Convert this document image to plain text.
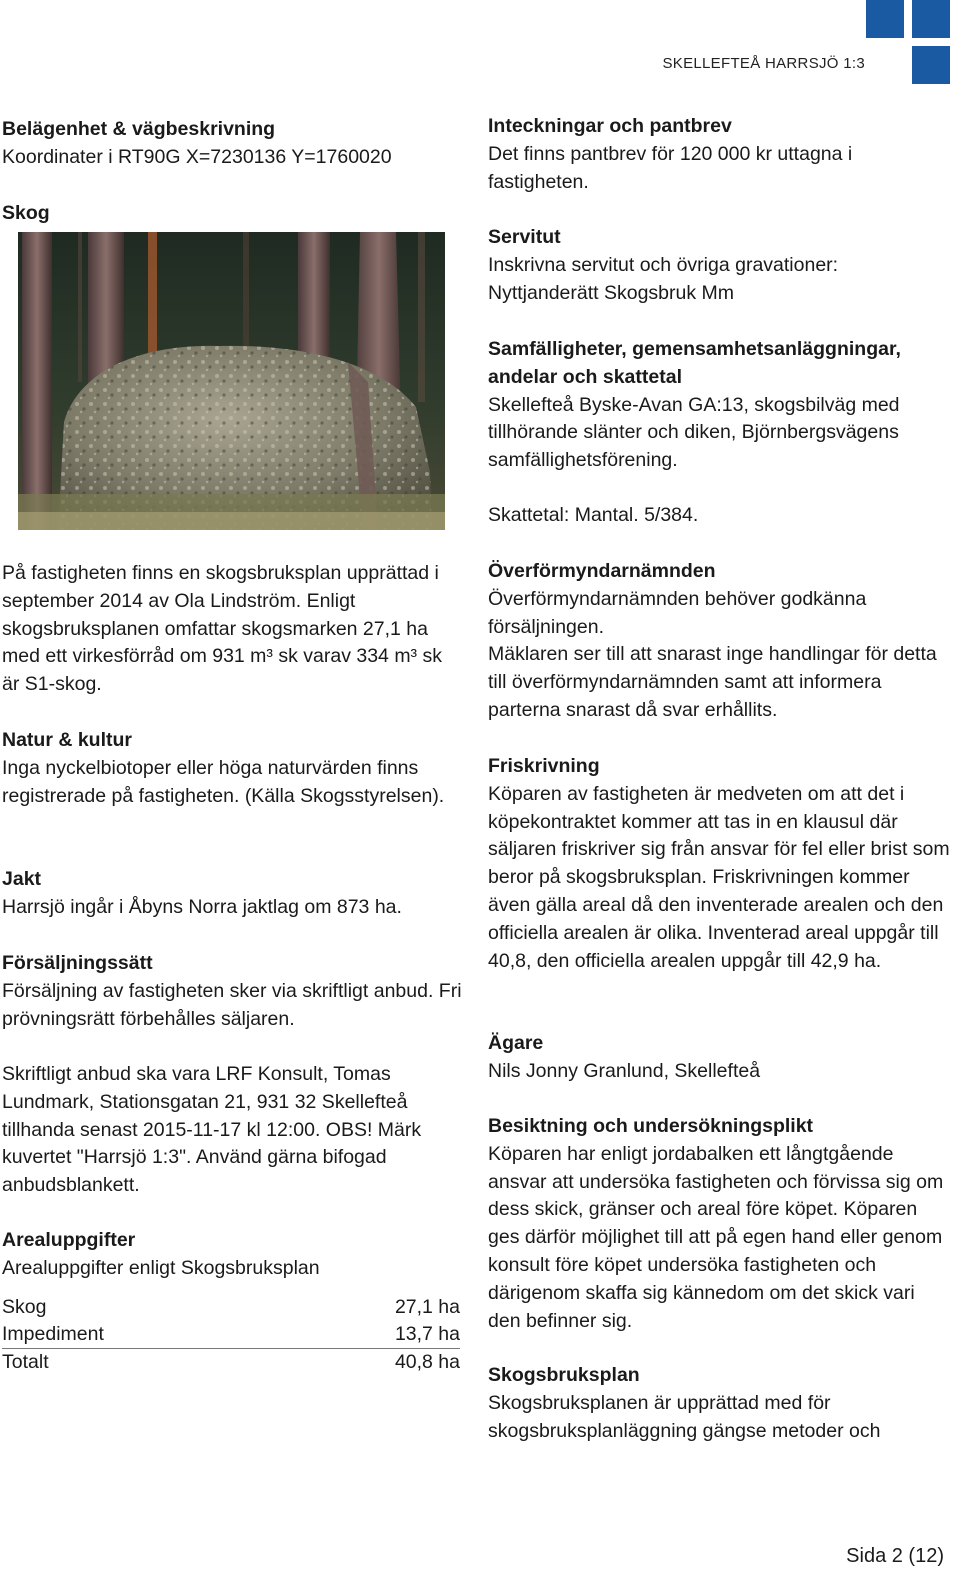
SKELLEFTEÅ HARRSJÖ 1:3
Belägenhet & vägbeskrivning
Koordinater i RT90G X=7230136 Y=1760020
Skog
På fastigheten finns en skogsbruksplan upprättad i september 2014 av Ola Lindström. Enligt skogsbruksplanen omfattar skogsmarken 27,1 ha med ett virkesförråd om 931 m³ sk varav 334 m³ sk är S1-skog.
Natur & kultur
Inga nyckelbiotoper eller höga naturvärden finns registrerade på fastigheten. (Källa Skogsstyrelsen).
Jakt
Harrsjö ingår i Åbyns Norra jaktlag om 873 ha.
Försäljningssätt
Försäljning av fastigheten sker via skriftligt anbud. Fri prövningsrätt förbehålles säljaren.
Skriftligt anbud ska vara LRF Konsult, Tomas Lundmark, Stationsgatan 21, 931 32 Skellefteå tillhanda senast 2015-11-17 kl 12:00. OBS! Märk kuvertet "Harrsjö 1:3". Använd gärna bifogad anbudsblankett.
Arealuppgifter
Arealuppgifter enligt Skogsbruksplan
Skog	27,1 ha
Impediment	13,7 ha
Totalt	40,8 ha
Inteckningar och pantbrev
Det finns pantbrev för 120 000 kr uttagna i fastigheten.
Servitut
Inskrivna servitut och övriga gravationer: Nyttjanderätt Skogsbruk Mm
Samfälligheter, gemensamhetsanläggningar, andelar och skattetal
Skellefteå Byske-Avan GA:13, skogsbilväg med tillhörande slänter och diken, Björnbergsvägens samfällighetsförening.
Skattetal: Mantal. 5/384.
Överförmyndarnämnden
Överförmyndarnämnden behöver godkänna försäljningen.
Mäklaren ser till att snarast inge handlingar för detta till överförmyndarnämnden samt att informera parterna snarast då svar erhållits.
Friskrivning
Köparen av fastigheten är medveten om att det i köpekontraktet kommer att tas in en klausul där säljaren friskriver sig från ansvar för fel eller brist som beror på skogsbruksplan. Friskrivningen kommer även gälla areal då den inventerade arealen och den officiella arealen är olika. Inventerad areal uppgår till 40,8, den officiella arealen uppgår till 42,9 ha.
Ägare
Nils Jonny Granlund, Skellefteå
Besiktning och undersökningsplikt
Köparen har enligt jordabalken ett långtgående ansvar att undersöka fastigheten och förvissa sig om dess skick, gränser och areal före köpet. Köparen ges därför möjlighet till att på egen hand eller genom konsult före köpet undersöka fastigheten och därigenom skaffa sig kännedom om det skick vari den befinner sig.
Skogsbruksplan
Skogsbruksplanen är upprättad med för skogsbruksplanläggning gängse metoder och
Sida 2 (12)
